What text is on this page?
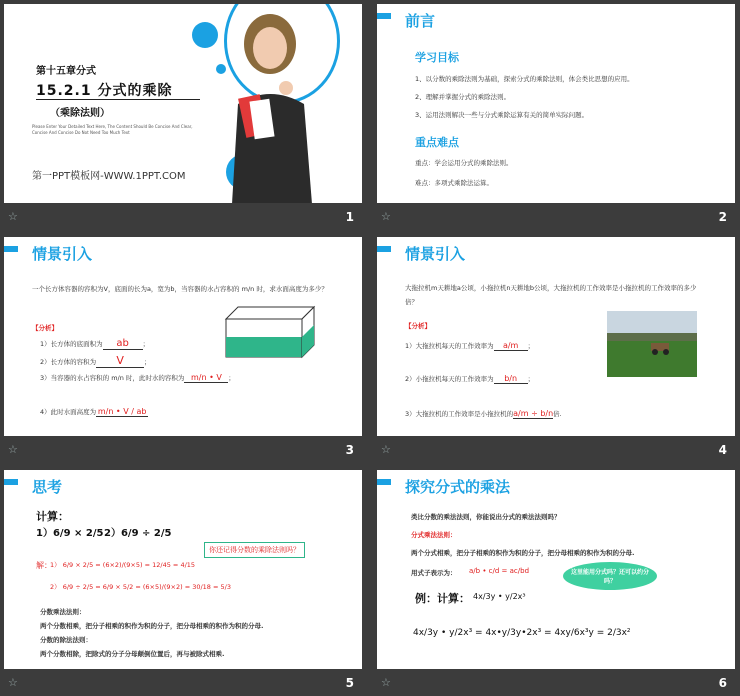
第十五章分式
15.2.1 分式的乘除
（乘除法则）
Please Enter Your Detailed Text Here, The Content Should Be Concise And Clear, Concise And Concise Do Not Need Too Much Text
第一PPT模板网-WWW.1PPT.COM
☆	1
前言
学习目标
1、以分数的乘除法则为基础，探索分式的乘除法则，体会类比思想的应用。
2、理解并掌握分式的乘除法则。
3、运用法则解决一些与分式乘除运算有关的简单实际问题。
重点难点
重点：学会运用分式的乘除法则。
难点：多项式乘除法运算。
☆	2
情景引入
一个长方体容器的容积为V，底面的长为a，宽为b，当容器的水占容积的 m/n 时，求水面高度为多少？
【分析】
1）长方体的底面积为 ab ；
2）长方体的容积为 V	；
3）当容器的水占容积的 m/n 时，此时水的容积为 m/n • V ；
4）此时水面高度为 m/n • V / ab
☆	3
情景引入
大拖拉机m天耕地a公顷，小拖拉机n天耕地b公顷，大拖拉机的工作效率是小拖拉机的工作效率的多少倍？
【分析】
1）大拖拉机每天的工作效率为 a/m ；
2）小拖拉机每天的工作效率为 b/n ；
3）大拖拉机的工作效率是小拖拉机的a/m ÷ b/n倍.
☆	4
思考
计算：
1）6/9 × 2/5 2）6/9 ÷ 2/5
你还记得分数的乘除法则吗？
解：
1） 6/9 × 2/5 = (6×2)/(9×5) = 12/45 = 4/15
2） 6/9 ÷ 2/5 = 6/9 × 5/2 = (6×5)/(9×2) = 30/18 = 5/3
分数乘法法则：
两个分数相乘，把分子相乘的积作为积的分子，把分母相乘的积作为积的分母.
分数的除法法则：
两个分数相除，把除式的分子分母颠倒位置后，再与被除式相乘.
☆	5
探究分式的乘法
类比分数的乘法法则，你能说出分式的乘法法则吗？
分式乘法法则：
两个分式相乘，把分子相乘的积作为积的分子，把分母相乘的积作为积的分母.
用式子表示为： a/b • c/d = ac/bd	这里能用分式吗？还可以约分吗？
例：计算： 4x/3y • y/2x³
4x/3y • y/2x³ = 4x•y/3y•2x³ = 4xy/6x³y = 2/3x²
☆	6
